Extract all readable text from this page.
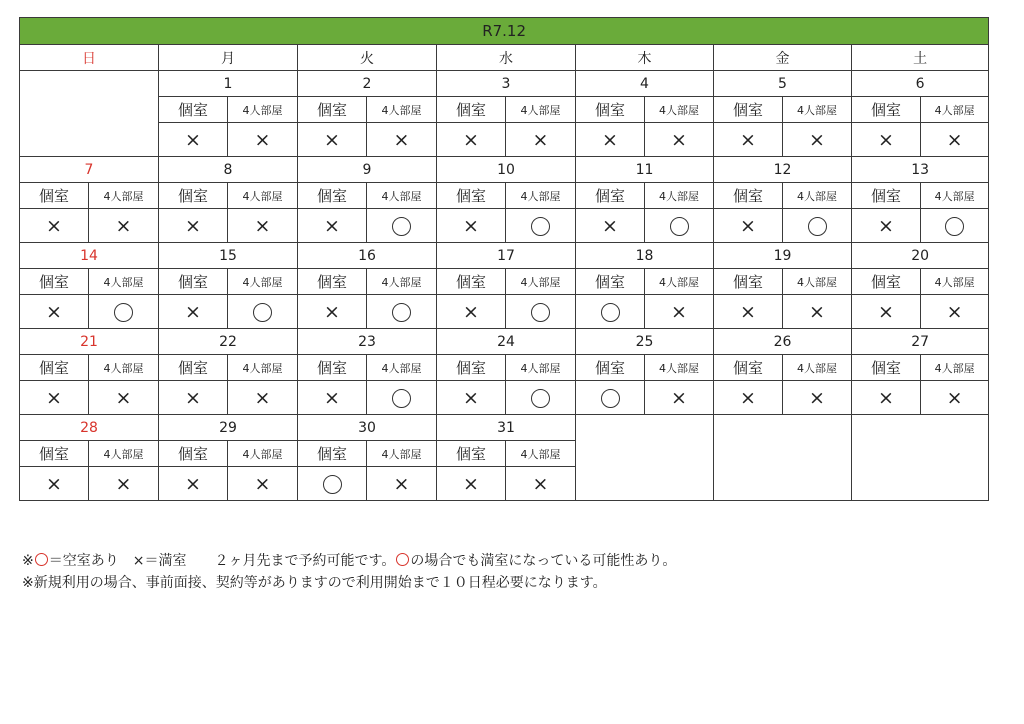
R7.12													
日		月		火		水		木		金		土	
		1		2		3		4		5		6	
		個室	4人部屋	個室	4人部屋	個室	4人部屋	個室	4人部屋	個室	4人部屋	個室	4人部屋
		×	×	×	×	×	×	×	×	×	×	×	×
7		8		9		10		11		12		13	
個室	4人部屋	個室	4人部屋	個室	4人部屋	個室	4人部屋	個室	4人部屋	個室	4人部屋	個室	4人部屋
×	×	×	×	×		×		×		×		×	
14		15		16		17		18		19		20	
個室	4人部屋	個室	4人部屋	個室	4人部屋	個室	4人部屋	個室	4人部屋	個室	4人部屋	個室	4人部屋
×		×		×		×			×	×	×	×	×
21		22		23		24		25		26		27	
個室	4人部屋	個室	4人部屋	個室	4人部屋	個室	4人部屋	個室	4人部屋	個室	4人部屋	個室	4人部屋
×	×	×	×	×		×			×	×	×	×	×
28		29		30		31							
個室	4人部屋	個室	4人部屋	個室	4人部屋	個室	4人部屋						
×	×	×	×		×	×	×						
※ ＝空室あり　×＝満室　　２ヶ月先まで予約可能です。 の場合でも満室になっている可能性あり。
※新規利用の場合、事前面接、契約等がありますので利用開始まで１０日程必要になります。
